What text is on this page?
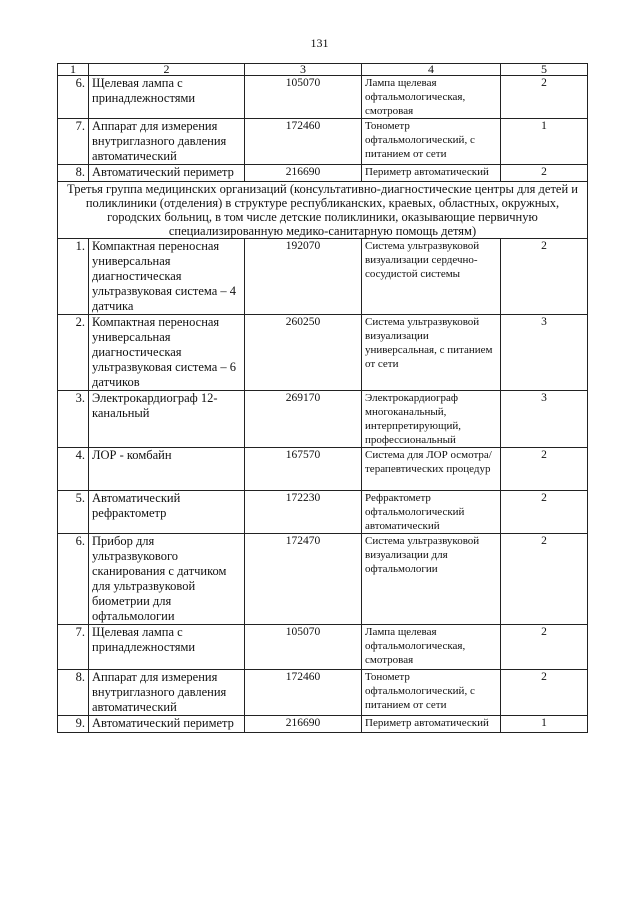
131
1	2	3	4	5
6.	Щелевая лампа с принадлежностями	105070	Лампа щелевая офтальмологическая, смотровая	2
7.	Аппарат для измерения внутриглазного давления автоматический	172460	Тонометр офтальмологический, с питанием от сети	1
8.	Автоматический периметр	216690	Периметр автоматический	2
Третья группа медицинских организаций (консультативно-диагностические центры для детей и поликлиники (отделения) в структуре республиканских, краевых, областных, окружных, городских больниц, в том числе детские поликлиники, оказывающие первичную специализированную медико-санитарную помощь детям)				
1.	Компактная переносная универсальная диагностическая ультразвуковая система – 4 датчика	192070	Система ультразвуковой визуализации сердечно-сосудистой системы	2
2.	Компактная переносная универсальная диагностическая ультразвуковая система – 6 датчиков	260250	Система ультразвуковой визуализации универсальная, с питанием от сети	3
3.	Электрокардиограф 12-канальный	269170	Электрокардиограф многоканальный, интерпретирующий, профессиональный	3
4.	ЛОР - комбайн	167570	Система для ЛОР осмотра/терапевтических процедур	2
5.	Автоматический рефрактометр	172230	Рефрактометр офтальмологический автоматический	2
6.	Прибор для ультразвукового сканирования с датчиком для ультразвуковой биометрии для офтальмологии	172470	Система ультразвуковой визуализации для офтальмологии	2
7.	Щелевая лампа с принадлежностями	105070	Лампа щелевая офтальмологическая, смотровая	2
8.	Аппарат для измерения внутриглазного давления автоматический	172460	Тонометр офтальмологический, с питанием от сети	2
9.	Автоматический периметр	216690	Периметр автоматический	1
